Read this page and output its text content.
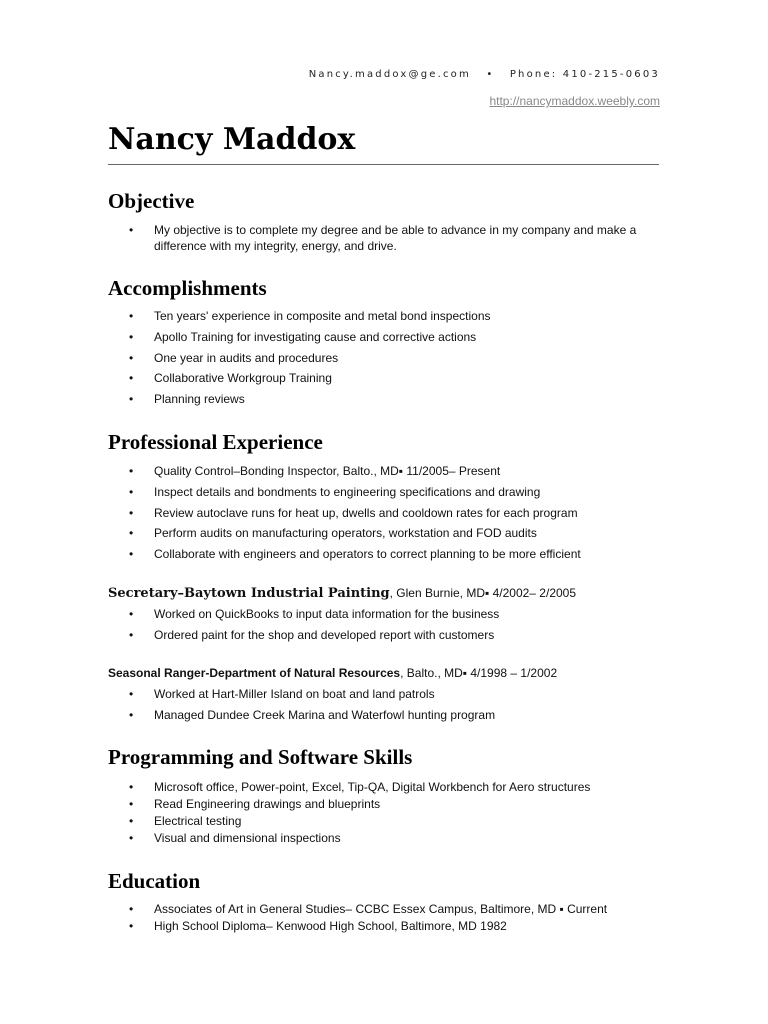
Nancy.maddox@ge.com • Phone: 410-215-0603
http://nancymaddox.weebly.com
Nancy Maddox
Objective
• My objective is to complete my degree and be able to advance in my company and make a difference with my integrity, energy, and drive.
Accomplishments
• Ten years' experience in composite and metal bond inspections
• Apollo Training for investigating cause and corrective actions
• One year in audits and procedures
• Collaborative Workgroup Training
• Planning reviews
Professional Experience
• Quality Control–Bonding Inspector, Balto., MD▪ 11/2005– Present
• Inspect details and bondments to engineering specifications and drawing
• Review autoclave runs for heat up, dwells and cooldown rates for each program
• Perform audits on manufacturing operators, workstation and FOD audits
• Collaborate with engineers and operators to correct planning to be more efficient
Secretary–Baytown Industrial Painting, Glen Burnie, MD▪ 4/2002– 2/2005
• Worked on QuickBooks to input data information for the business
• Ordered paint for the shop and developed report with customers
Seasonal Ranger-Department of Natural Resources, Balto., MD▪ 4/1998 – 1/2002
• Worked at Hart-Miller Island on boat and land patrols
• Managed Dundee Creek Marina and Waterfowl hunting program
Programming and Software Skills
• Microsoft office, Power-point, Excel, Tip-QA, Digital Workbench for Aero structures
• Read Engineering drawings and blueprints
• Electrical testing
• Visual and dimensional inspections
Education
• Associates of Art in General Studies– CCBC Essex Campus, Baltimore, MD ▪ Current
• High School Diploma– Kenwood High School, Baltimore, MD 1982
